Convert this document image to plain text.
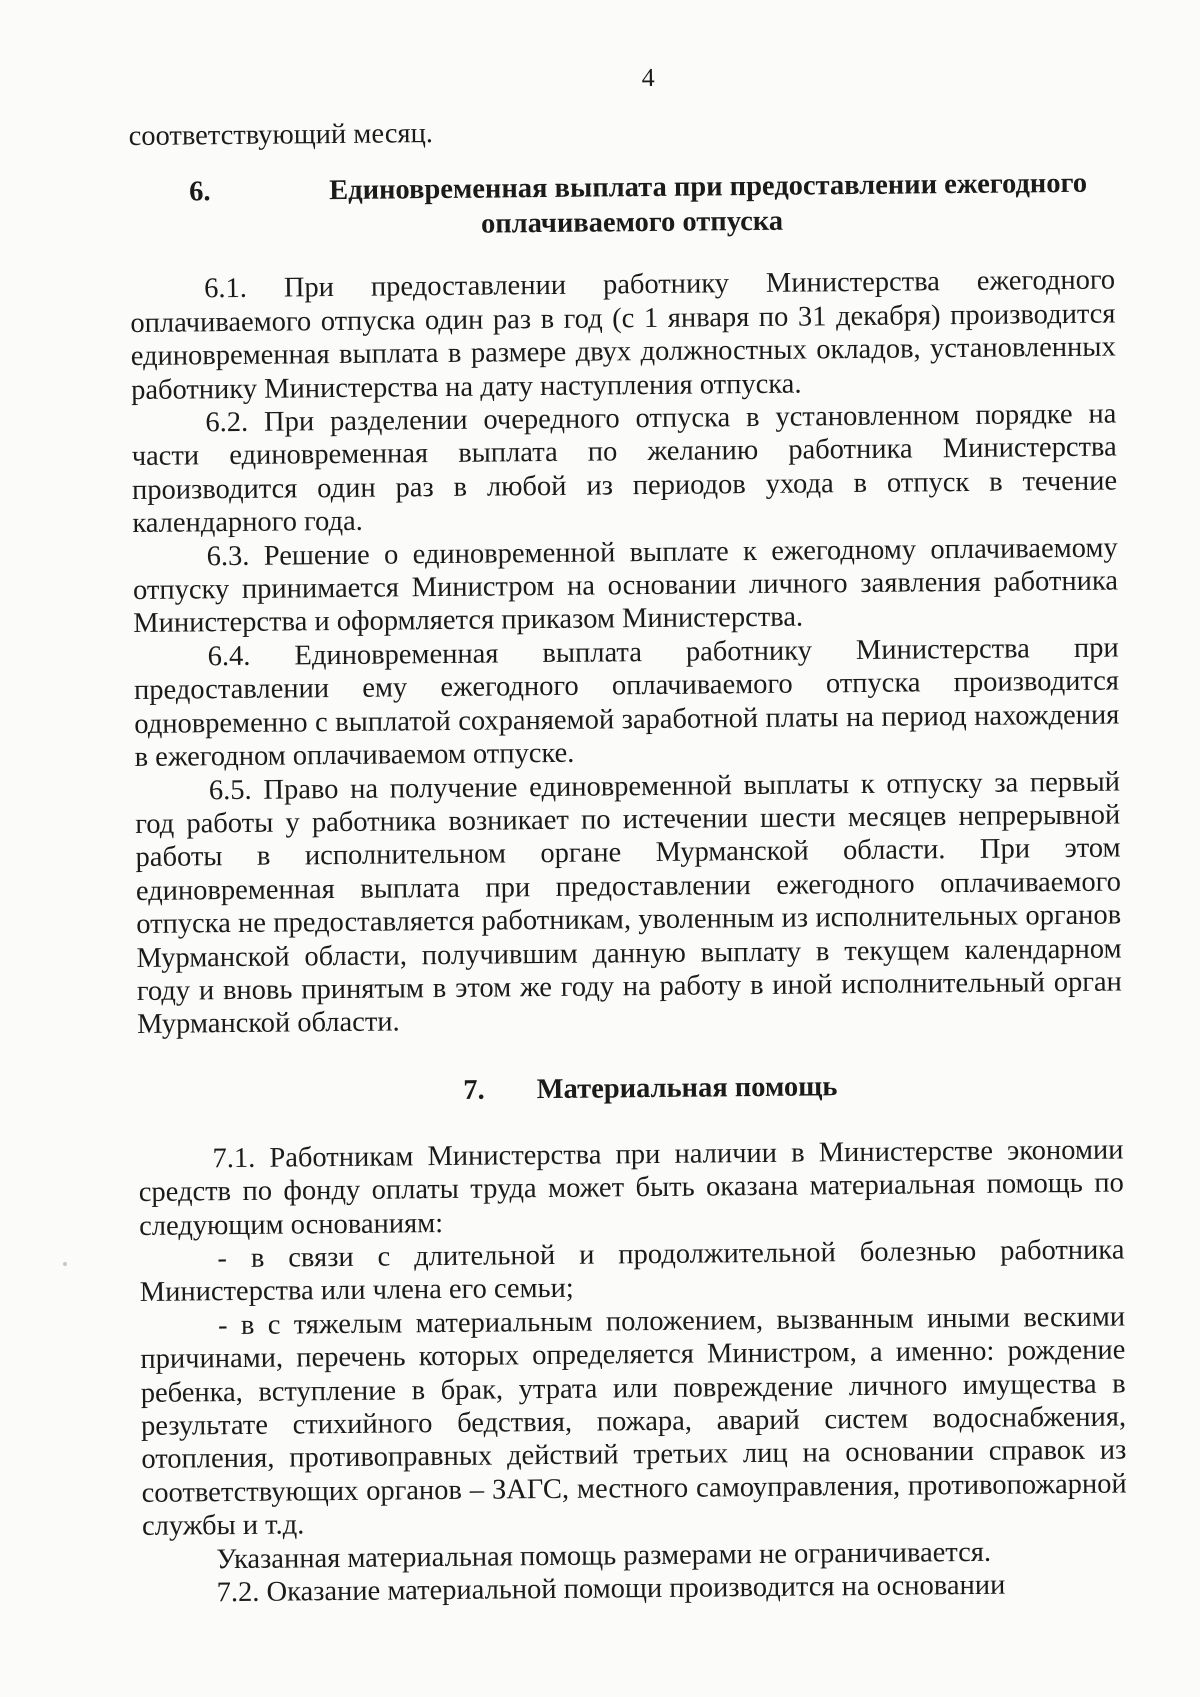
4

соответствующий месяц.

6.	Единовременная выплата при предоставлении ежегодного
оплачиваемого отпуска

6.1. При предоставлении работнику Министерства ежегодного оплачиваемого отпуска один раз в год (с 1 января по 31 декабря) производится единовременная выплата в размере двух должностных окладов, установленных работнику Министерства на дату наступления отпуска.

6.2. При разделении очередного отпуска в установленном порядке на части единовременная выплата по желанию работника Министерства производится один раз в любой из периодов ухода в отпуск в течение календарного года.

6.3. Решение о единовременной выплате к ежегодному оплачиваемому отпуску принимается Министром на основании личного заявления работника Министерства и оформляется приказом Министерства.

6.4. Единовременная выплата работнику Министерства при предоставлении ему ежегодного оплачиваемого отпуска производится одновременно с выплатой сохраняемой заработной платы на период нахождения в ежегодном оплачиваемом отпуске.

6.5. Право на получение единовременной выплаты к отпуску за первый год работы у работника возникает по истечении шести месяцев непрерывной работы в исполнительном органе Мурманской области. При этом единовременная выплата при предоставлении ежегодного оплачиваемого отпуска не предоставляется работникам, уволенным из исполнительных органов Мурманской области, получившим данную выплату в текущем календарном году и вновь принятым в этом же году на работу в иной исполнительный орган Мурманской области.

7. Материальная помощь

7.1. Работникам Министерства при наличии в Министерстве экономии средств по фонду оплаты труда может быть оказана материальная помощь по следующим основаниям:

- в связи с длительной и продолжительной болезнью работника Министерства или члена его семьи;

- в с тяжелым материальным положением, вызванным иными вескими причинами, перечень которых определяется Министром, а именно: рождение ребенка, вступление в брак, утрата или повреждение личного имущества в результате стихийного бедствия, пожара, аварий систем водоснабжения, отопления, противоправных действий третьих лиц на основании справок из соответствующих органов – ЗАГС, местного самоуправления, противопожарной службы и т.д.

Указанная материальная помощь размерами не ограничивается.

7.2. Оказание материальной помощи производится на основании
